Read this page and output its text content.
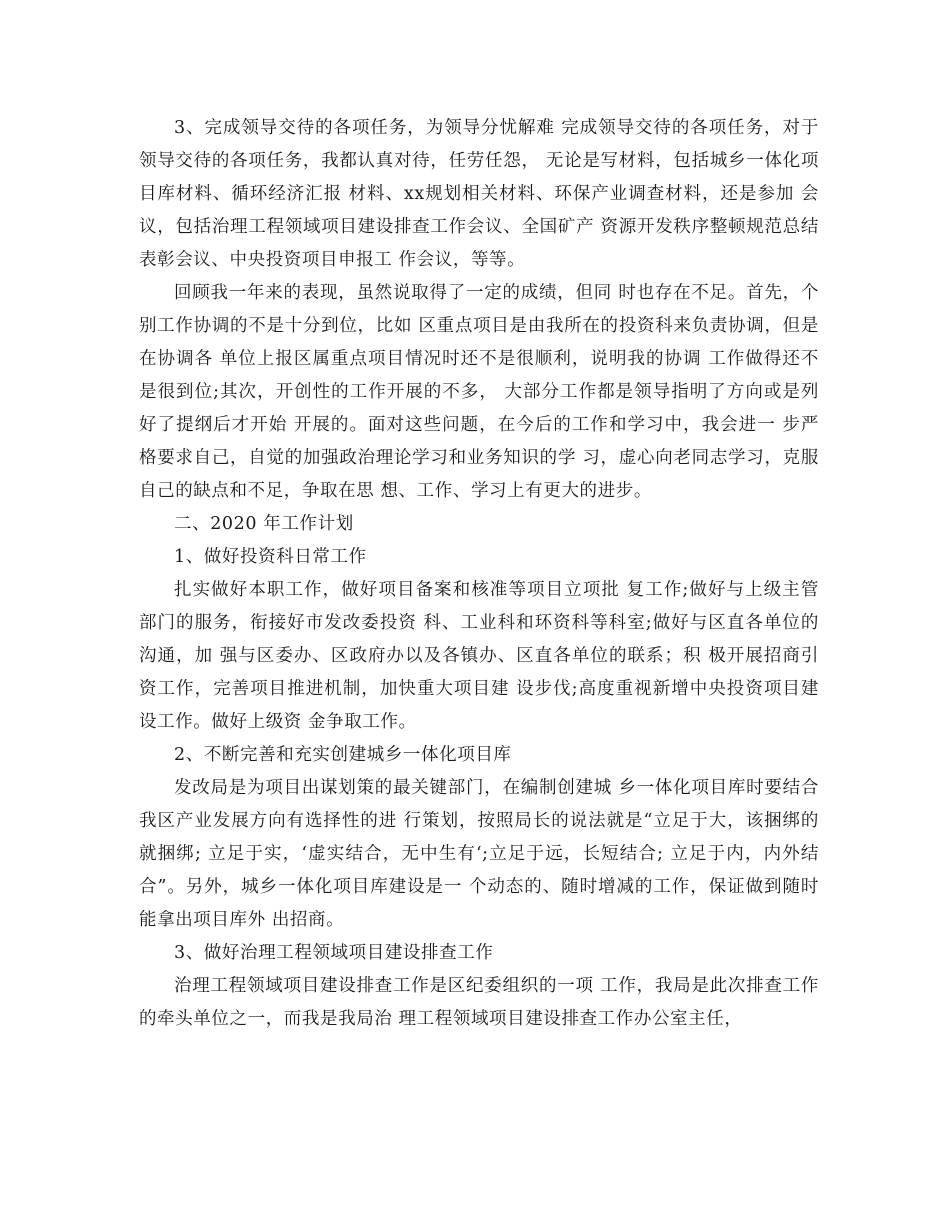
3、完成领导交待的各项任务，为领导分忧解难 完成领导交待的各项任务，对于领导交待的各项任务，我都认真对待，任劳任怨， 无论是写材料，包括城乡一体化项目库材料、循环经济汇报 材料、xx规划相关材料、环保产业调查材料，还是参加 会议，包括治理工程领域项目建设排查工作会议、全国矿产 资源开发秩序整顿规范总结表彰会议、中央投资项目申报工 作会议，等等。

回顾我一年来的表现，虽然说取得了一定的成绩，但同 时也存在不足。首先，个别工作协调的不是十分到位，比如 区重点项目是由我所在的投资科来负责协调，但是在协调各 单位上报区属重点项目情况时还不是很顺利，说明我的协调 工作做得还不是很到位;其次，开创性的工作开展的不多， 大部分工作都是领导指明了方向或是列好了提纲后才开始 开展的。面对这些问题，在今后的工作和学习中，我会进一 步严格要求自己，自觉的加强政治理论学习和业务知识的学 习，虚心向老同志学习，克服自己的缺点和不足，争取在思 想、工作、学习上有更大的进步。

二、2020 年工作计划

1、做好投资科日常工作

扎实做好本职工作，做好项目备案和核准等项目立项批 复工作;做好与上级主管部门的服务，衔接好市发改委投资 科、工业科和环资科等科室;做好与区直各单位的沟通，加 强与区委办、区政府办以及各镇办、区直各单位的联系；积 极开展招商引资工作，完善项目推进机制，加快重大项目建 设步伐;高度重视新增中央投资项目建设工作。做好上级资 金争取工作。

2、不断完善和充实创建城乡一体化项目库

发改局是为项目出谋划策的最关键部门，在编制创建城 乡一体化项目库时要结合我区产业发展方向有选择性的进 行策划，按照局长的说法就是“立足于大，该捆绑的就捆绑; 立足于实，‘虚实结合，无中生有‘;立足于远，长短结合; 立足于内，内外结合”。另外，城乡一体化项目库建设是一 个动态的、随时增减的工作，保证做到随时能拿出项目库外 出招商。

3、做好治理工程领域项目建设排查工作

治理工程领域项目建设排查工作是区纪委组织的一项 工作，我局是此次排查工作的牵头单位之一，而我是我局治 理工程领域项目建设排查工作办公室主任，
